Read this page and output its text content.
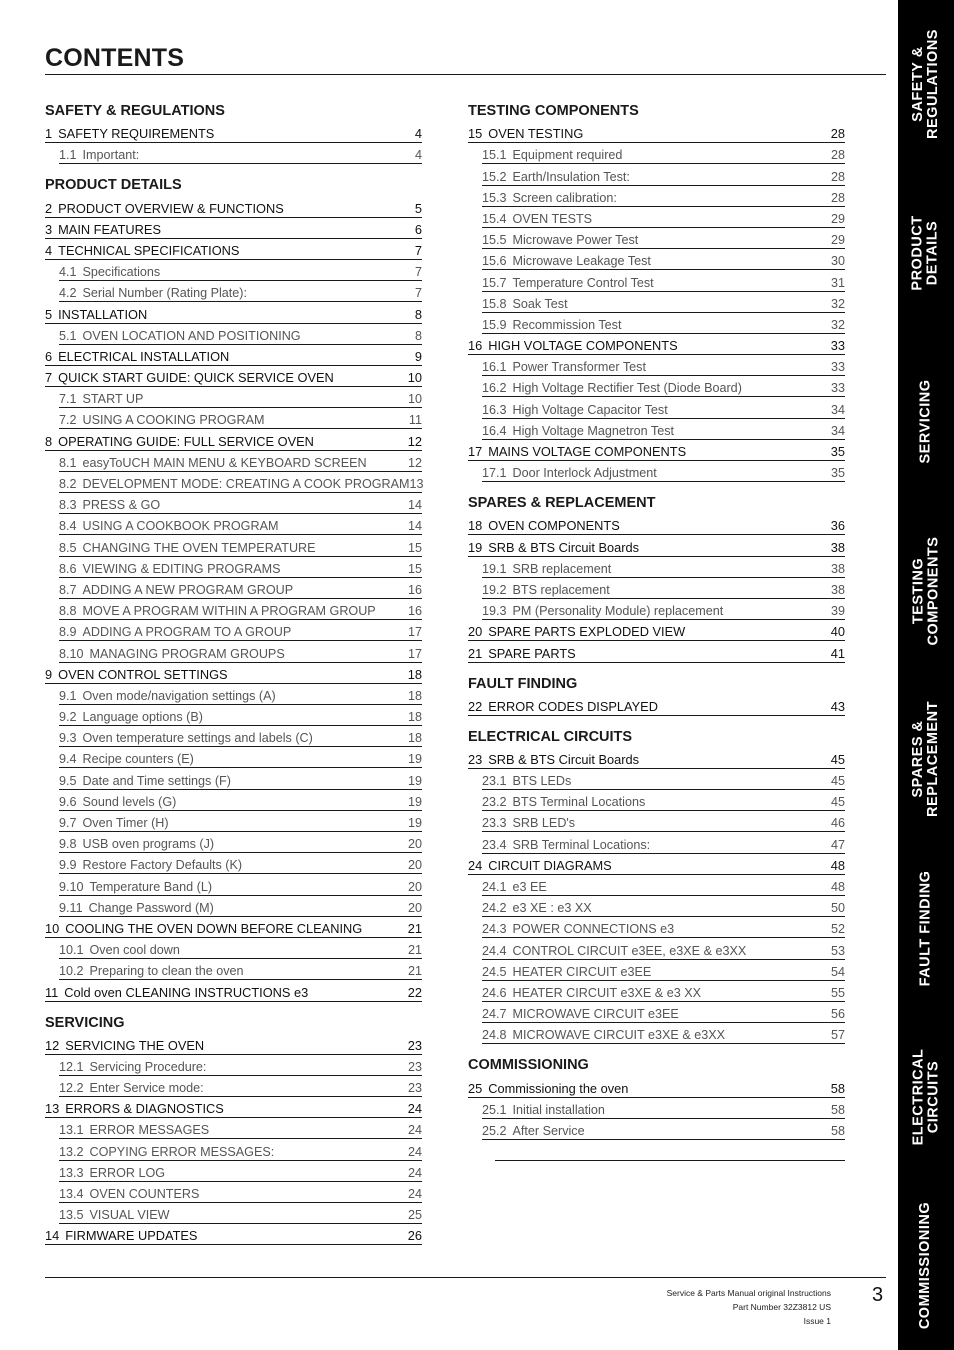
CONTENTS
SAFETY & REGULATIONS
1 SAFETY REQUIREMENTS	4
1.1 Important:	4
PRODUCT DETAILS
2 PRODUCT OVERVIEW & FUNCTIONS	5
3 MAIN FEATURES	6
4 TECHNICAL SPECIFICATIONS	7
4.1 Specifications	7
4.2 Serial Number (Rating Plate):	7
5 INSTALLATION	8
5.1 OVEN LOCATION AND POSITIONING	8
6 ELECTRICAL INSTALLATION	9
7 QUICK START GUIDE: QUICK SERVICE OVEN	10
7.1 START UP	10
7.2 USING A COOKING PROGRAM	11
8 OPERATING GUIDE: FULL SERVICE OVEN	12
8.1 easyToUCH MAIN MENU & KEYBOARD SCREEN	12
8.2 DEVELOPMENT MODE: CREATING A COOK PROGRAM 13
8.3 PRESS & GO	14
8.4 USING A COOKBOOK PROGRAM	14
8.5 CHANGING THE OVEN TEMPERATURE	15
8.6 VIEWING & EDITING PROGRAMS	15
8.7 ADDING A NEW PROGRAM GROUP	16
8.8 MOVE A PROGRAM WITHIN A PROGRAM GROUP	16
8.9 ADDING A PROGRAM TO A GROUP	17
8.10 MANAGING PROGRAM GROUPS	17
9 OVEN CONTROL SETTINGS	18
9.1 Oven mode/navigation settings (A)	18
9.2 Language options (B)	18
9.3 Oven temperature settings and labels (C)	18
9.4 Recipe counters (E)	19
9.5 Date and Time settings (F)	19
9.6 Sound levels (G)	19
9.7 Oven Timer (H)	19
9.8 USB oven programs (J)	20
9.9 Restore Factory Defaults (K)	20
9.10 Temperature Band (L)	20
9.11 Change Password (M)	20
10 COOLING THE OVEN DOWN BEFORE CLEANING	21
10.1 Oven cool down	21
10.2 Preparing to clean the oven	21
11 Cold oven CLEANING INSTRUCTIONS e3	22
SERVICING
12 SERVICING THE OVEN	23
12.1 Servicing Procedure:	23
12.2 Enter Service mode:	23
13 ERRORS & DIAGNOSTICS	24
13.1 ERROR MESSAGES	24
13.2 COPYING ERROR MESSAGES:	24
13.3 ERROR LOG	24
13.4 OVEN COUNTERS	24
13.5 VISUAL VIEW	25
14 FIRMWARE UPDATES	26
TESTING COMPONENTS
15 OVEN TESTING	28
15.1 Equipment required	28
15.2 Earth/Insulation Test:	28
15.3 Screen calibration:	28
15.4 OVEN TESTS	29
15.5 Microwave Power Test	29
15.6 Microwave Leakage Test	30
15.7 Temperature Control Test	31
15.8 Soak Test	32
15.9 Recommission Test	32
16 HIGH VOLTAGE COMPONENTS	33
16.1 Power Transformer Test	33
16.2 High Voltage Rectifier Test (Diode Board)	33
16.3 High Voltage Capacitor Test	34
16.4 High Voltage Magnetron Test	34
17 MAINS VOLTAGE COMPONENTS	35
17.1 Door Interlock Adjustment	35
SPARES & REPLACEMENT
18 OVEN COMPONENTS	36
19 SRB & BTS Circuit Boards	38
19.1 SRB replacement	38
19.2 BTS replacement	38
19.3 PM (Personality Module) replacement	39
20 SPARE PARTS EXPLODED VIEW	40
21 SPARE PARTS	41
FAULT FINDING
22 ERROR CODES DISPLAYED	43
ELECTRICAL CIRCUITS
23 SRB & BTS Circuit Boards	45
23.1 BTS LEDs	45
23.2 BTS Terminal Locations	45
23.3 SRB LED's	46
23.4 SRB Terminal Locations:	47
24 CIRCUIT DIAGRAMS	48
24.1 e3 EE	48
24.2 e3 XE : e3 XX	50
24.3 POWER CONNECTIONS e3	52
24.4 CONTROL CIRCUIT e3EE, e3XE & e3XX	53
24.5 HEATER CIRCUIT e3EE	54
24.6 HEATER CIRCUIT e3XE & e3 XX	55
24.7 MICROWAVE CIRCUIT e3EE	56
24.8 MICROWAVE CIRCUIT e3XE & e3XX	57
COMMISSIONING
25 Commissioning the oven	58
25.1 Initial installation	58
25.2 After Service	58
SAFETY & REGULATIONS
PRODUCT DETAILS
SERVICING
TESTING COMPONENTS
SPARES & REPLACEMENT
FAULT FINDING
ELECTRICAL CIRCUITS
COMMISSIONING
Service & Parts Manual original Instructions
Part Number 32Z3812 US
Issue 1
3
